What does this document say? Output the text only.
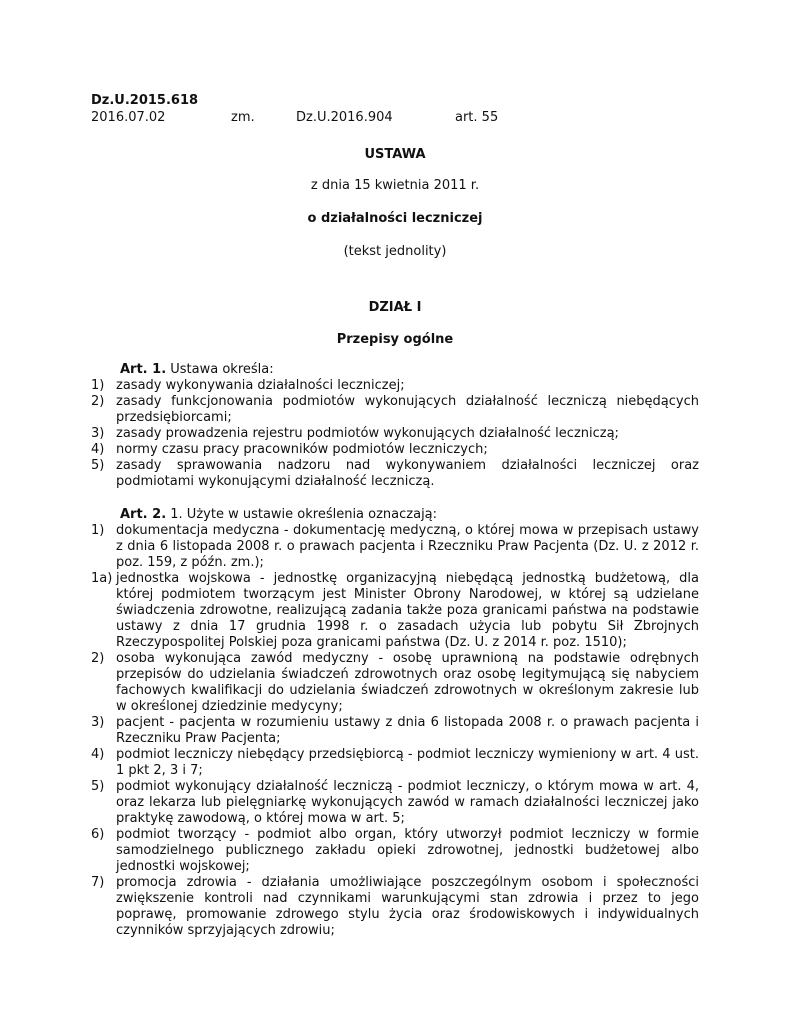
Dz.U.2015.618
2016.07.02	zm.	Dz.U.2016.904	art. 55
USTAWA
z dnia 15 kwietnia 2011 r.
o działalności leczniczej
(tekst jednolity)
DZIAŁ I
Przepisy ogólne
Art. 1. Ustawa określa:
1) zasady wykonywania działalności leczniczej;
2) zasady funkcjonowania podmiotów wykonujących działalność leczniczą niebędących przedsiębiorcami;
3) zasady prowadzenia rejestru podmiotów wykonujących działalność leczniczą;
4) normy czasu pracy pracowników podmiotów leczniczych;
5) zasady sprawowania nadzoru nad wykonywaniem działalności leczniczej oraz podmiotami wykonującymi działalność leczniczą.
Art. 2. 1. Użyte w ustawie określenia oznaczają:
1) dokumentacja medyczna - dokumentację medyczną, o której mowa w przepisach ustawy z dnia 6 listopada 2008 r. o prawach pacjenta i Rzeczniku Praw Pacjenta (Dz. U. z 2012 r. poz. 159, z późn. zm.);
1a) jednostka wojskowa - jednostkę organizacyjną niebędącą jednostką budżetową, dla której podmiotem tworzącym jest Minister Obrony Narodowej, w której są udzielane świadczenia zdrowotne, realizującą zadania także poza granicami państwa na podstawie ustawy z dnia 17 grudnia 1998 r. o zasadach użycia lub pobytu Sił Zbrojnych Rzeczypospolitej Polskiej poza granicami państwa (Dz. U. z 2014 r. poz. 1510);
2) osoba wykonująca zawód medyczny - osobę uprawnioną na podstawie odrębnych przepisów do udzielania świadczeń zdrowotnych oraz osobę legitymującą się nabyciem fachowych kwalifikacji do udzielania świadczeń zdrowotnych w określonym zakresie lub w określonej dziedzinie medycyny;
3) pacjent - pacjenta w rozumieniu ustawy z dnia 6 listopada 2008 r. o prawach pacjenta i Rzeczniku Praw Pacjenta;
4) podmiot leczniczy niebędący przedsiębiorcą - podmiot leczniczy wymieniony w art. 4 ust. 1 pkt 2, 3 i 7;
5) podmiot wykonujący działalność leczniczą - podmiot leczniczy, o którym mowa w art. 4, oraz lekarza lub pielęgniarkę wykonujących zawód w ramach działalności leczniczej jako praktykę zawodową, o której mowa w art. 5;
6) podmiot tworzący - podmiot albo organ, który utworzył podmiot leczniczy w formie samodzielnego publicznego zakładu opieki zdrowotnej, jednostki budżetowej albo jednostki wojskowej;
7) promocja zdrowia - działania umożliwiające poszczególnym osobom i społeczności zwiększenie kontroli nad czynnikami warunkującymi stan zdrowia i przez to jego poprawę, promowanie zdrowego stylu życia oraz środowiskowych i indywidualnych czynników sprzyjających zdrowiu;
